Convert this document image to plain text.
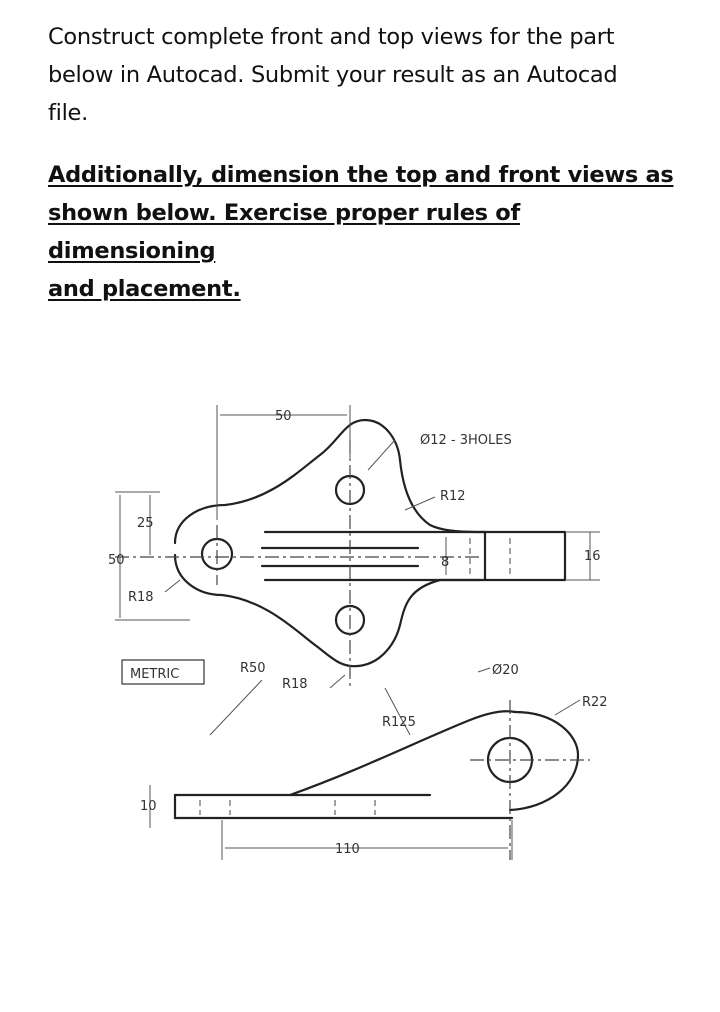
Construct complete front and top views for the part

below in Autocad. Submit your result as an Autocad

file.

Additionally, dimension the top and front views as

shown below. Exercise proper rules of dimensioning

and placement.

50
Ø12 - 3HOLES
R12
25
50
R18
8	16
METRIC	R50
R18
Ø20
R22
R125
10
110
